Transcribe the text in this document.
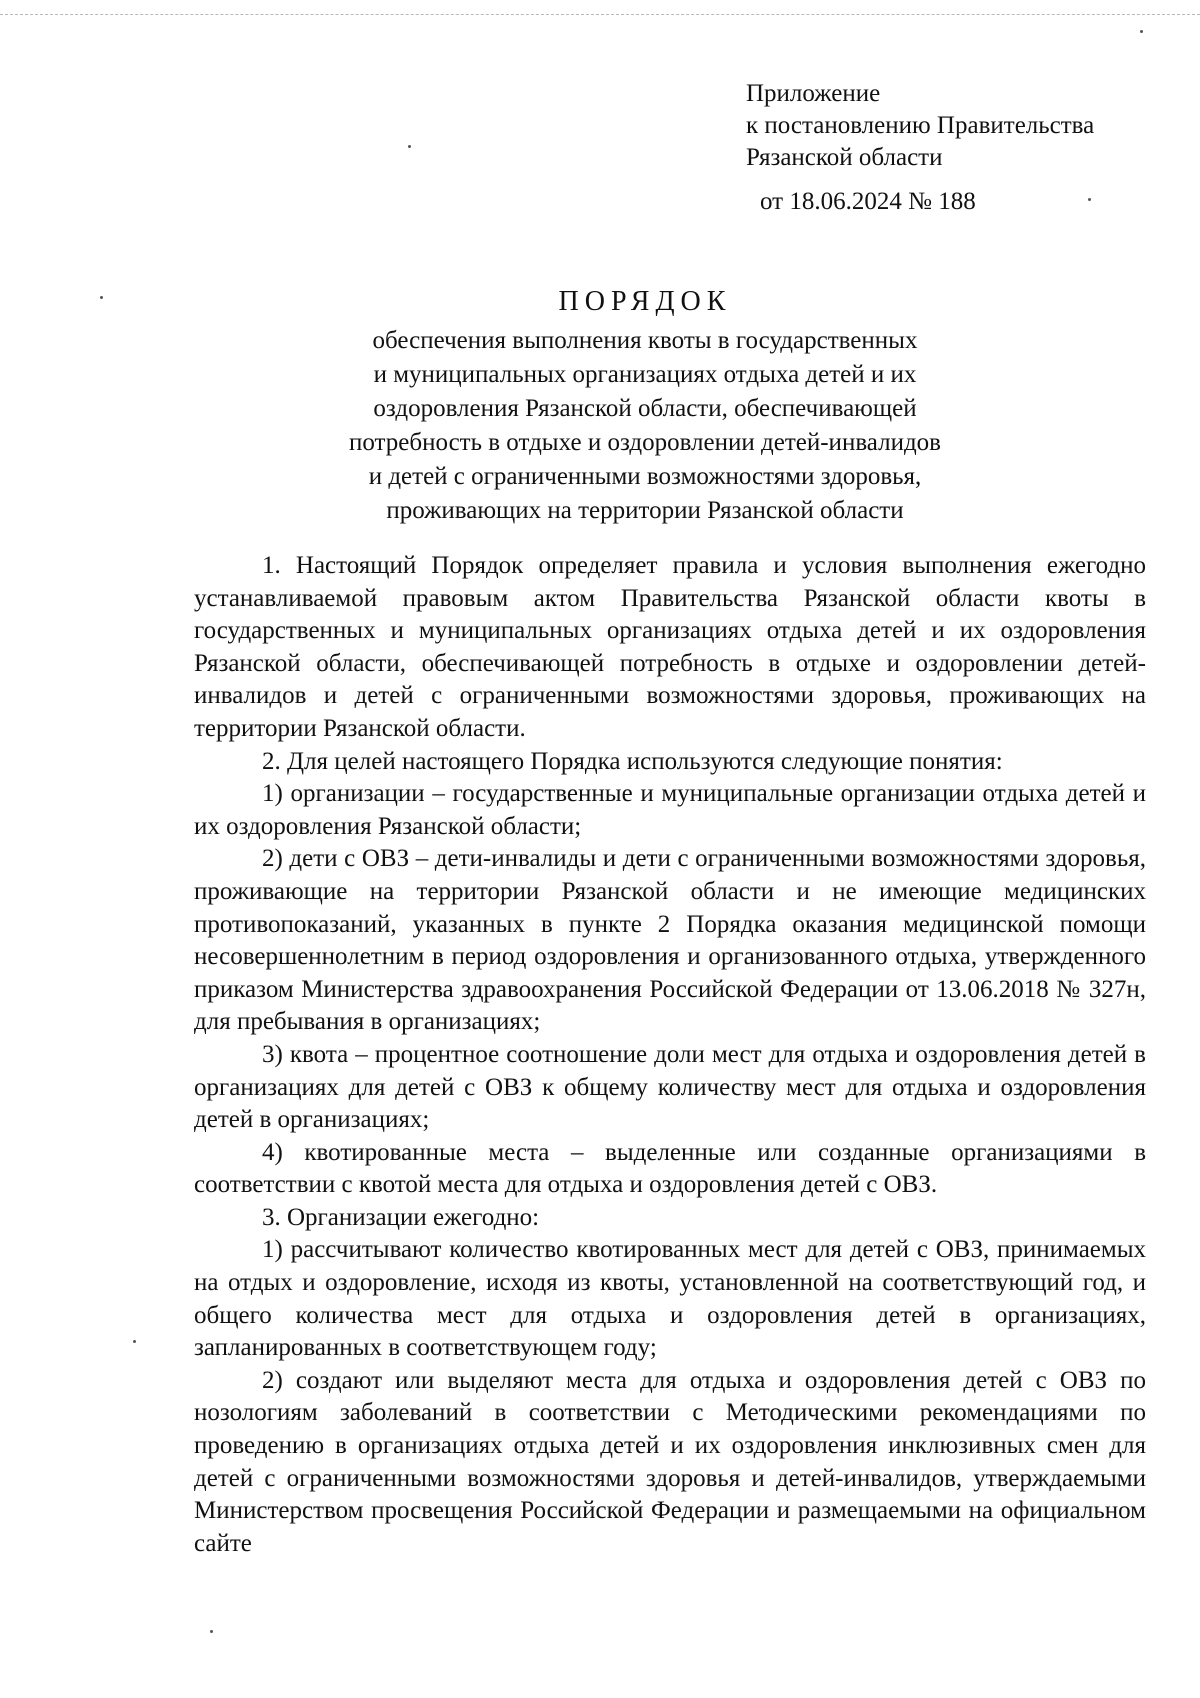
Приложение
к постановлению Правительства
Рязанской области
от 18.06.2024 № 188
ПОРЯДОК
обеспечения выполнения квоты в государственных
и муниципальных организациях отдыха детей и их
оздоровления Рязанской области, обеспечивающей
потребность в отдыхе и оздоровлении детей-инвалидов
и детей с ограниченными возможностями здоровья,
проживающих на территории Рязанской области

1. Настоящий Порядок определяет правила и условия выполнения ежегодно устанавливаемой правовым актом Правительства Рязанской области квоты в государственных и муниципальных организациях отдыха детей и их оздоровления Рязанской области, обеспечивающей потребность в отдыхе и оздоровлении детей-инвалидов и детей с ограниченными возможностями здоровья, проживающих на территории Рязанской области.

2. Для целей настоящего Порядка используются следующие понятия:

1) организации – государственные и муниципальные организации отдыха детей и их оздоровления Рязанской области;

2) дети с ОВЗ – дети-инвалиды и дети с ограниченными возможностями здоровья, проживающие на территории Рязанской области и не имеющие медицинских противопоказаний, указанных в пункте 2 Порядка оказания медицинской помощи несовершеннолетним в период оздоровления и организованного отдыха, утвержденного приказом Министерства здравоохранения Российской Федерации от 13.06.2018 № 327н, для пребывания в организациях;

3) квота – процентное соотношение доли мест для отдыха и оздоровления детей в организациях для детей с ОВЗ к общему количеству мест для отдыха и оздоровления детей в организациях;

4) квотированные места – выделенные или созданные организациями в соответствии с квотой места для отдыха и оздоровления детей с ОВЗ.

3. Организации ежегодно:

1) рассчитывают количество квотированных мест для детей с ОВЗ, принимаемых на отдых и оздоровление, исходя из квоты, установленной на соответствующий год, и общего количества мест для отдыха и оздоровления детей в организациях, запланированных в соответствующем году;

2) создают или выделяют места для отдыха и оздоровления детей с ОВЗ по нозологиям заболеваний в соответствии с Методическими рекомендациями по проведению в организациях отдыха детей и их оздоровления инклюзивных смен для детей с ограниченными возможностями здоровья и детей-инвалидов, утверждаемыми Министерством просвещения Российской Федерации и размещаемыми на официальном сайте
